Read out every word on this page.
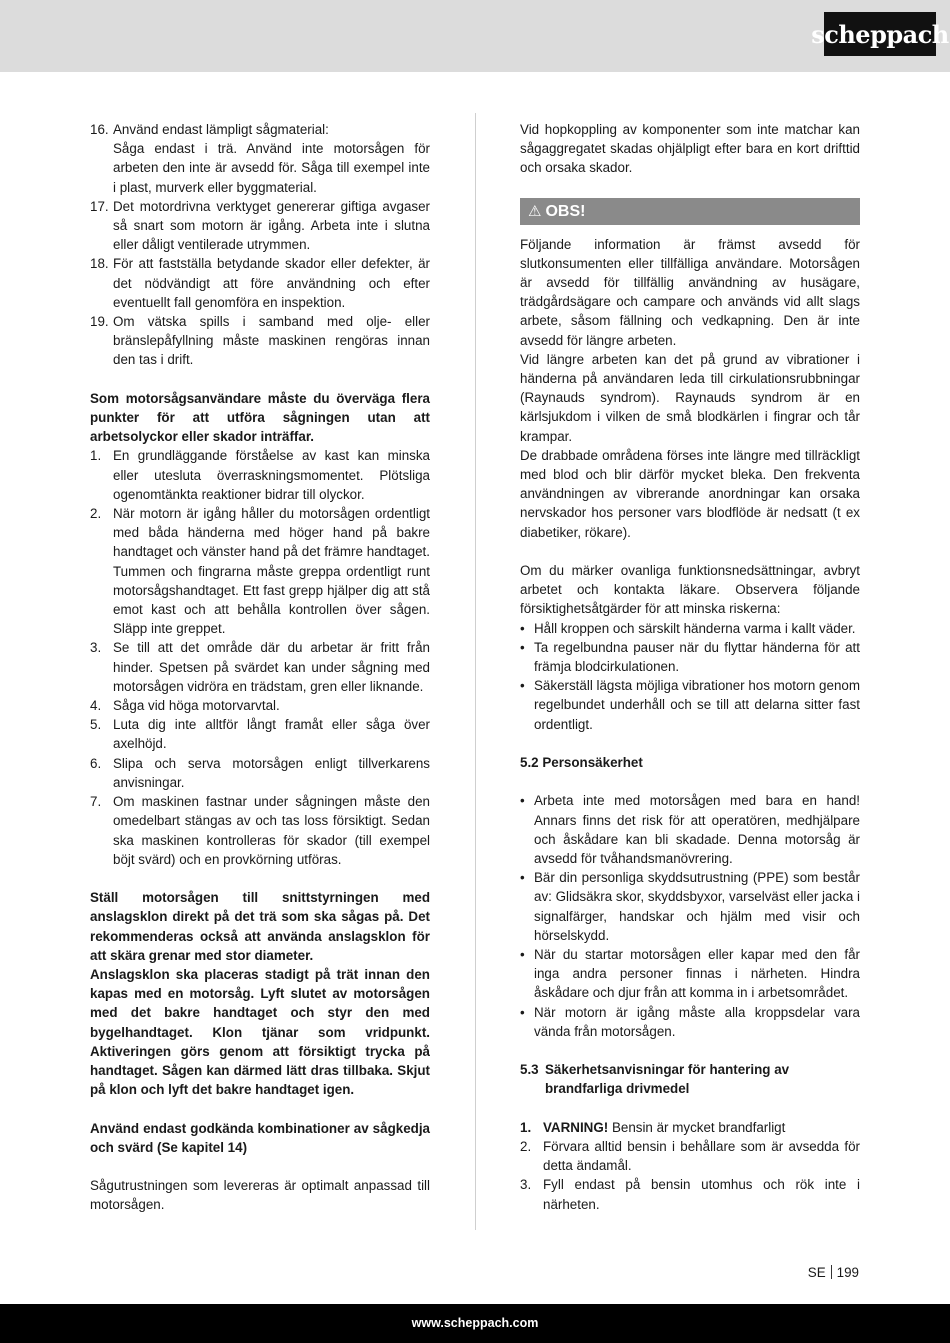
scheppach
16. Använd endast lämpligt sågmaterial:
Såga endast i trä. Använd inte motorsågen för arbeten den inte är avsedd för. Såga till exempel inte i plast, murverk eller byggmaterial.
17. Det motordrivna verktyget genererar giftiga avgaser så snart som motorn är igång. Arbeta inte i slutna eller dåligt ventilerade utrymmen.
18. För att fastställa betydande skador eller defekter, är det nödvändigt att före användning och efter eventuellt fall genomföra en inspektion.
19. Om vätska spills i samband med olje- eller bränslepåfyllning måste maskinen rengöras innan den tas i drift.

Som motorsågsanvändare måste du överväga flera punkter för att utföra sågningen utan att arbetsolyckor eller skador inträffar.

1. En grundläggande förståelse av kast kan minska eller utesluta överraskningsmomentet. Plötsliga ogenomtänkta reaktioner bidrar till olyckor.
2. När motorn är igång håller du motorsågen ordentligt med båda händerna med höger hand på bakre handtaget och vänster hand på det främre handtaget. Tummen och fingrarna måste greppa ordentligt runt motorsågshandtaget. Ett fast grepp hjälper dig att stå emot kast och att behålla kontrollen över sågen. Släpp inte greppet.
3. Se till att det område där du arbetar är fritt från hinder. Spetsen på svärdet kan under sågning med motorsågen vidröra en trädstam, gren eller liknande.
4. Såga vid höga motorvarvtal.
5. Luta dig inte alltför långt framåt eller såga över axelhöjd.
6. Slipa och serva motorsågen enligt tillverkarens anvisningar.
7. Om maskinen fastnar under sågningen måste den omedelbart stängas av och tas loss försiktigt. Sedan ska maskinen kontrolleras för skador (till exempel böjt svärd) och en provkörning utföras.

Ställ motorsågen till snittstyrningen med anslagsklon direkt på det trä som ska sågas på. Det rekommenderas också att använda anslagsklon för att skära grenar med stor diameter.
Anslagsklon ska placeras stadigt på trät innan den kapas med en motorsåg. Lyft slutet av motorsågen med det bakre handtaget och styr den med bygelhandtaget. Klon tjänar som vridpunkt. Aktiveringen görs genom att försiktigt trycka på handtaget. Sågen kan därmed lätt dras tillbaka. Skjut på klon och lyft det bakre handtaget igen.

Använd endast godkända kombinationer av sågkedja och svärd (Se kapitel 14)

Sågutrustningen som levereras är optimalt anpassad till motorsågen.

Vid hopkoppling av komponenter som inte matchar kan sågaggregatet skadas ohjälpligt efter bara en kort drifttid och orsaka skador.

⚠ OBS!

Följande information är främst avsedd för slutkonsumenten eller tillfälliga användare. Motorsågen är avsedd för tillfällig användning av husägare, trädgårdsägare och campare och används vid allt slags arbete, såsom fällning och vedkapning. Den är inte avsedd för längre arbeten.

Vid längre arbeten kan det på grund av vibrationer i händerna på användaren leda till cirkulationsrubbningar (Raynauds syndrom). Raynauds syndrom är en kärlsjukdom i vilken de små blodkärlen i fingrar och tår krampar.

De drabbade områdena förses inte längre med tillräckligt med blod och blir därför mycket bleka. Den frekventa användningen av vibrerande anordningar kan orsaka nervskador hos personer vars blodflöde är nedsatt (t ex diabetiker, rökare).

Om du märker ovanliga funktionsnedsättningar, avbryt arbetet och kontakta läkare. Observera följande försiktighetsåtgärder för att minska riskerna:

• Håll kroppen och särskilt händerna varma i kallt väder.
• Ta regelbundna pauser när du flyttar händerna för att främja blodcirkulationen.
• Säkerställ lägsta möjliga vibrationer hos motorn genom regelbundet underhåll och se till att delarna sitter fast ordentligt.

5.2 Personsäkerhet

• Arbeta inte med motorsågen med bara en hand! Annars finns det risk för att operatören, medhjälpare och åskådare kan bli skadade. Denna motorsåg är avsedd för tvåhandsmanövrering.
• Bär din personliga skyddsutrustning (PPE) som består av: Glidsäkra skor, skyddsbyxor, varselväst eller jacka i signalfärger, handskar och hjälm med visir och hörselskydd.
• När du startar motorsågen eller kapar med den får inga andra personer finnas i närheten. Hindra åskådare och djur från att komma in i arbetsområdet.
• När motorn är igång måste alla kroppsdelar vara vända från motorsågen.
5.3 Säkerhetsanvisningar för hantering av brandfarliga drivmedel
1. VARNING! Bensin är mycket brandfarligt
2. Förvara alltid bensin i behållare som är avsedda för detta ändamål.
3. Fyll endast på bensin utomhus och rök inte i närheten.
SE 199
www.scheppach.com
